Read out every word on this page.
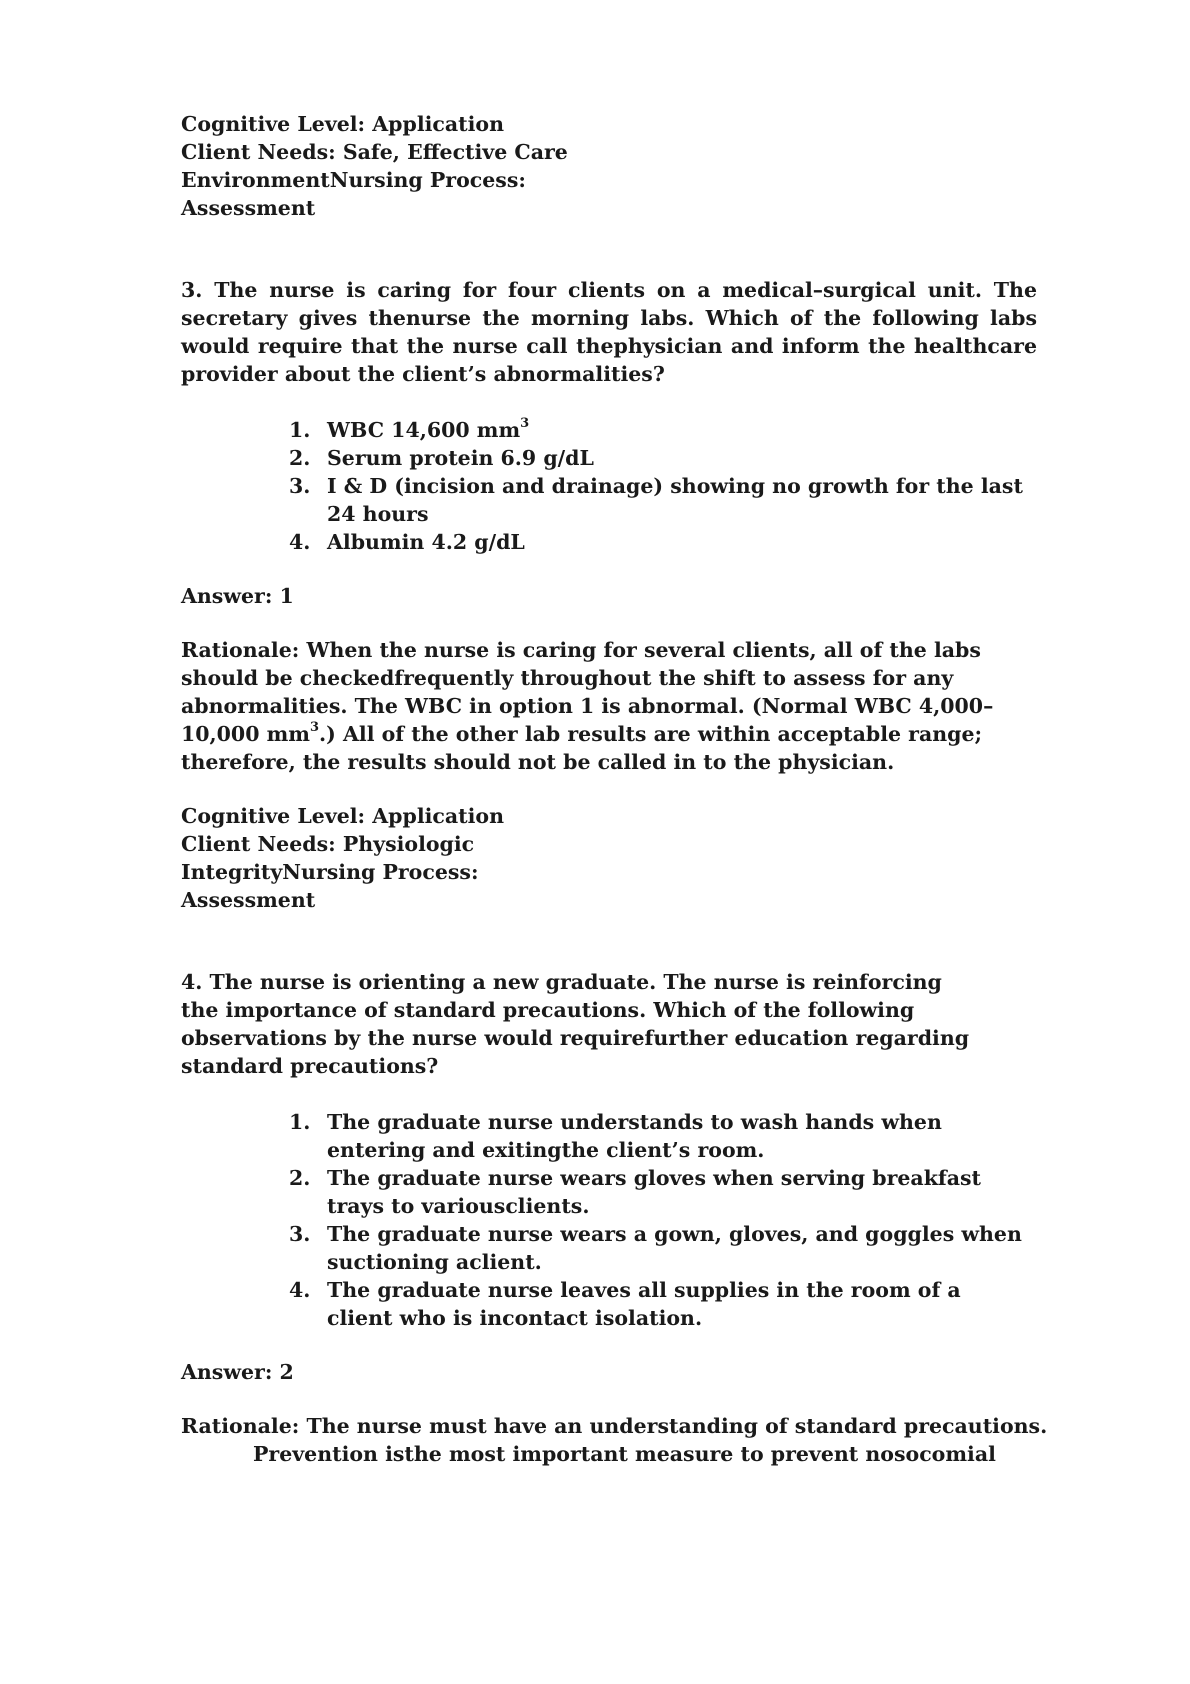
Cognitive Level: Application
Client Needs: Safe, Effective Care
EnvironmentNursing Process:
Assessment

3. The nurse is caring for four clients on a medical–surgical unit. The secretary gives thenurse the morning labs. Which of the following labs would require that the nurse call thephysician and inform the healthcare provider about the client’s abnormalities?

1. WBC 14,600 $mm^3$
2. Serum protein 6.9 g/dL
3. I & D (incision and drainage) showing no growth for the last 24 hours
4. Albumin 4.2 g/dL

Answer: 1

Rationale: When the nurse is caring for several clients, all of the labs should be checkedfrequently throughout the shift to assess for any abnormalities. The WBC in option 1 is abnormal. (Normal WBC 4,000–10,000 $mm^3$.) All of the other lab results are within acceptable range; therefore, the results should not be called in to the physician.

Cognitive Level: Application
Client Needs: Physiologic
IntegrityNursing Process:
Assessment

4. The nurse is orienting a new graduate. The nurse is reinforcing the importance of standard precautions. Which of the following observations by the nurse would requirefurther education regarding standard precautions?

1. The graduate nurse understands to wash hands when entering and exitingthe client’s room.
2. The graduate nurse wears gloves when serving breakfast trays to variousclients.
3. The graduate nurse wears a gown, gloves, and goggles when suctioning aclient.
4. The graduate nurse leaves all supplies in the room of a client who is incontact isolation.

Answer: 2

Rationale: The nurse must have an understanding of standard precautions.
Prevention isthe most important measure to prevent nosocomial
